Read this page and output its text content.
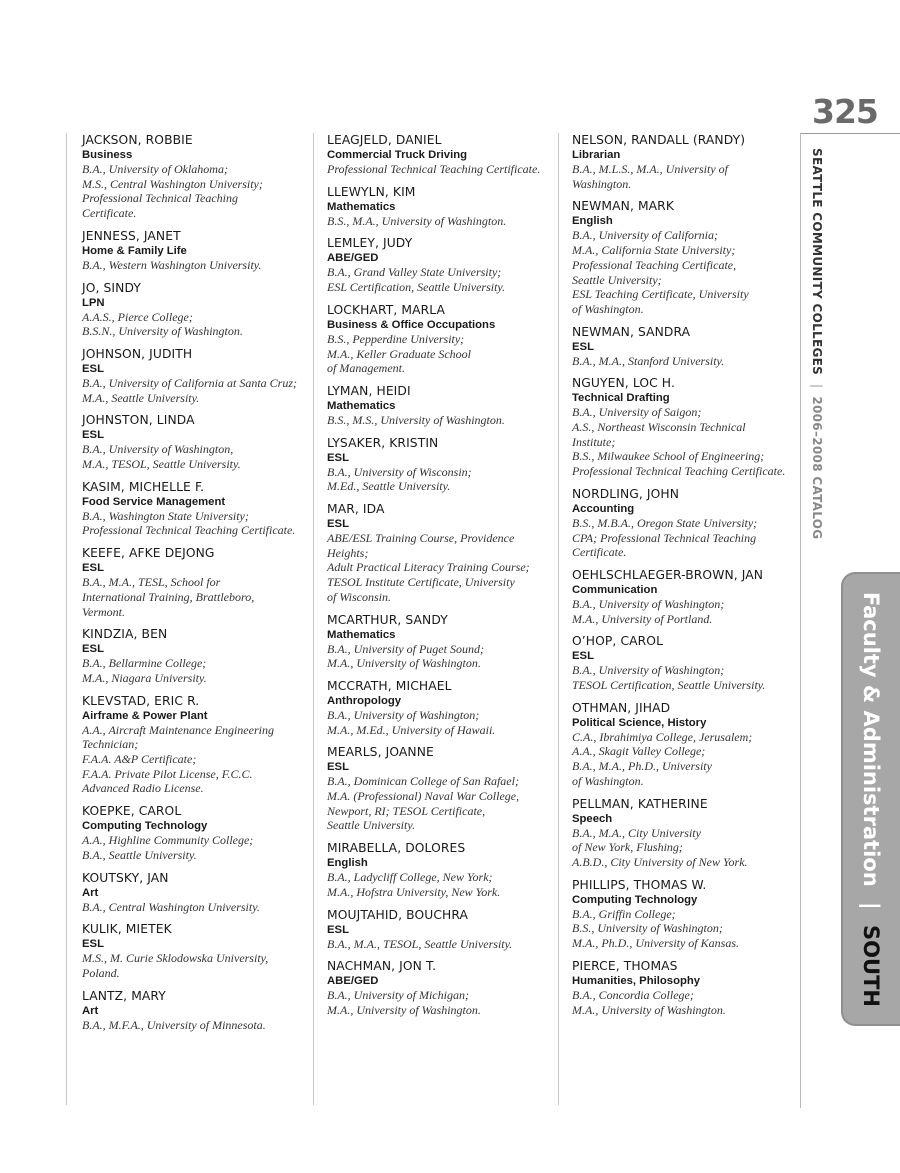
325
SEATTLE COMMUNITY COLLEGES | 2006–2008 CATALOG
Faculty & Administration | SOUTH
JACKSON, ROBBIE
Business
B.A., University of Oklahoma;
M.S., Central Washington University;
Professional Technical Teaching
Certificate.
JENNESS, JANET
Home & Family Life
B.A., Western Washington University.
JO, SINDY
LPN
A.A.S., Pierce College;
B.S.N., University of Washington.
JOHNSON, JUDITH
ESL
B.A., University of California at Santa Cruz;
M.A., Seattle University.
JOHNSTON, LINDA
ESL
B.A., University of Washington,
M.A., TESOL, Seattle University.
KASIM, MICHELLE F.
Food Service Management
B.A., Washington State University;
Professional Technical Teaching Certificate.
KEEFE, AFKE DEJONG
ESL
B.A., M.A., TESL, School for
International Training, Brattleboro,
Vermont.
KINDZIA, BEN
ESL
B.A., Bellarmine College;
M.A., Niagara University.
KLEVSTAD, ERIC R.
Airframe & Power Plant
A.A., Aircraft Maintenance Engineering
Technician;
F.A.A. A&P Certificate;
F.A.A. Private Pilot License, F.C.C.
Advanced Radio License.
KOEPKE, CAROL
Computing Technology
A.A., Highline Community College;
B.A., Seattle University.
KOUTSKY, JAN
Art
B.A., Central Washington University.
KULIK, MIETEK
ESL
M.S., M. Curie Sklodowska University,
Poland.
LANTZ, MARY
Art
B.A., M.F.A., University of Minnesota.
LEAGJELD, DANIEL
Commercial Truck Driving
Professional Technical Teaching Certificate.
LLEWYLN, KIM
Mathematics
B.S., M.A., University of Washington.
LEMLEY, JUDY
ABE/GED
B.A., Grand Valley State University;
ESL Certification, Seattle University.
LOCKHART, MARLA
Business & Office Occupations
B.S., Pepperdine University;
M.A., Keller Graduate School
of Management.
LYMAN, HEIDI
Mathematics
B.S., M.S., University of Washington.
LYSAKER, KRISTIN
ESL
B.A., University of Wisconsin;
M.Ed., Seattle University.
MAR, IDA
ESL
ABE/ESL Training Course, Providence
Heights;
Adult Practical Literacy Training Course;
TESOL Institute Certificate, University
of Wisconsin.
MCARTHUR, SANDY
Mathematics
B.A., University of Puget Sound;
M.A., University of Washington.
MCCRATH, MICHAEL
Anthropology
B.A., University of Washington;
M.A., M.Ed., University of Hawaii.
MEARLS, JOANNE
ESL
B.A., Dominican College of San Rafael;
M.A. (Professional) Naval War College,
Newport, RI; TESOL Certificate,
Seattle University.
MIRABELLA, DOLORES
English
B.A., Ladycliff College, New York;
M.A., Hofstra University, New York.
MOUJTAHID, BOUCHRA
ESL
B.A., M.A., TESOL, Seattle University.
NACHMAN, JON T.
ABE/GED
B.A., University of Michigan;
M.A., University of Washington.
NELSON, RANDALL (RANDY)
Librarian
B.A., M.L.S., M.A., University of
Washington.
NEWMAN, MARK
English
B.A., University of California;
M.A., California State University;
Professional Teaching Certificate,
Seattle University;
ESL Teaching Certificate, University
of Washington.
NEWMAN, SANDRA
ESL
B.A., M.A., Stanford University.
NGUYEN, LOC H.
Technical Drafting
B.A., University of Saigon;
A.S., Northeast Wisconsin Technical
Institute;
B.S., Milwaukee School of Engineering;
Professional Technical Teaching Certificate.
NORDLING, JOHN
Accounting
B.S., M.B.A., Oregon State University;
CPA; Professional Technical Teaching
Certificate.
OEHLSCHLAEGER-BROWN, JAN
Communication
B.A., University of Washington;
M.A., University of Portland.
O’HOP, CAROL
ESL
B.A., University of Washington;
TESOL Certification, Seattle University.
OTHMAN, JIHAD
Political Science, History
C.A., Ibrahimiya College, Jerusalem;
A.A., Skagit Valley College;
B.A., M.A., Ph.D., University
of Washington.
PELLMAN, KATHERINE
Speech
B.A., M.A., City University
of New York, Flushing;
A.B.D., City University of New York.
PHILLIPS, THOMAS W.
Computing Technology
B.A., Griffin College;
B.S., University of Washington;
M.A., Ph.D., University of Kansas.
PIERCE, THOMAS
Humanities, Philosophy
B.A., Concordia College;
M.A., University of Washington.
